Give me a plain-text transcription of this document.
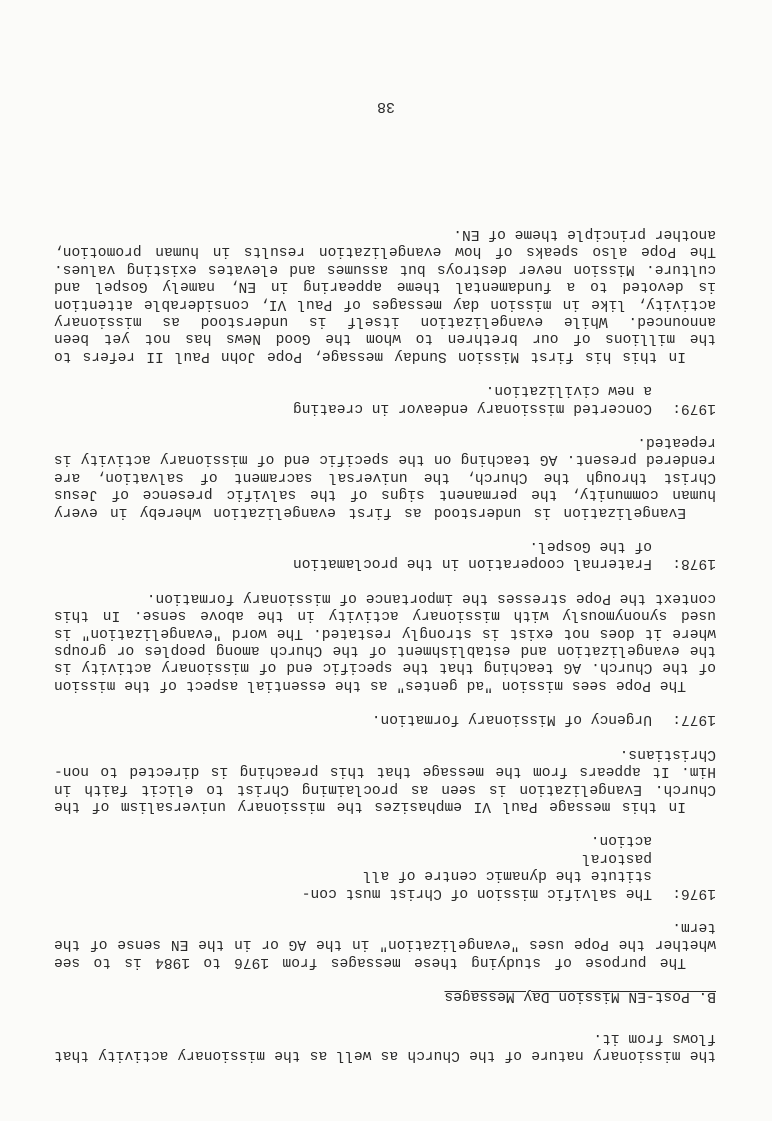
the missionary nature of the Church as well as the missionary activity that flows from it.

B. Post-EN Mission Day Messages

The purpose of studying these messages from 1976 to 1984 is to see whether the Pope uses "evangelization" in the AG or in the EN sense of the term.

1976:The salvific mission of Christ must con-
stitute the dynamic centre of all pastoral
action.

In this message Paul VI emphasizes the missionary universalism of the Church. Evangelization is seen as proclaiming Christ to elicit faith in Him. It appears from the message that this preaching is directed to non-Christians.

1977:Urgency of Missionary formation.

The Pope sees mission "ad gentes" as the essential aspect of the mission of the Church. AG teaching that the specific end of missionary activity is the evangelization and establishment of the Church among peoples or groups where it does not exist is strongly restated. The word "evangelization" is used synonymously with missionary activity in the above sense. In this context the Pope stresses the importance of missionary formation.

1978:Fraternal cooperation in the proclamation
of the Gospel.

Evangelization is understood as first evangelization whereby in every human community, the permanent signs of the salvific presence of Jesus Christ through the Church, the universal sacrament of salvation, are rendered present. AG teaching on the specific end of missionary activity is repeated.

1979:Concerted missionary endeavor in creating
a new civilization.

In this his first Mission Sunday message, Pope John Paul II refers to the millions of our brethren to whom the Good News has not yet been announced. While evangelization itself is understood as missionary activity, like in mission day messages of Paul VI, considerable attention is devoted to a fundamental theme appearing in EN, namely Gospel and culture. Mission never destroys but assumes and elevates existing values. The Pope also speaks of how evangelization results in human promotion, another principle theme of EN.

38
